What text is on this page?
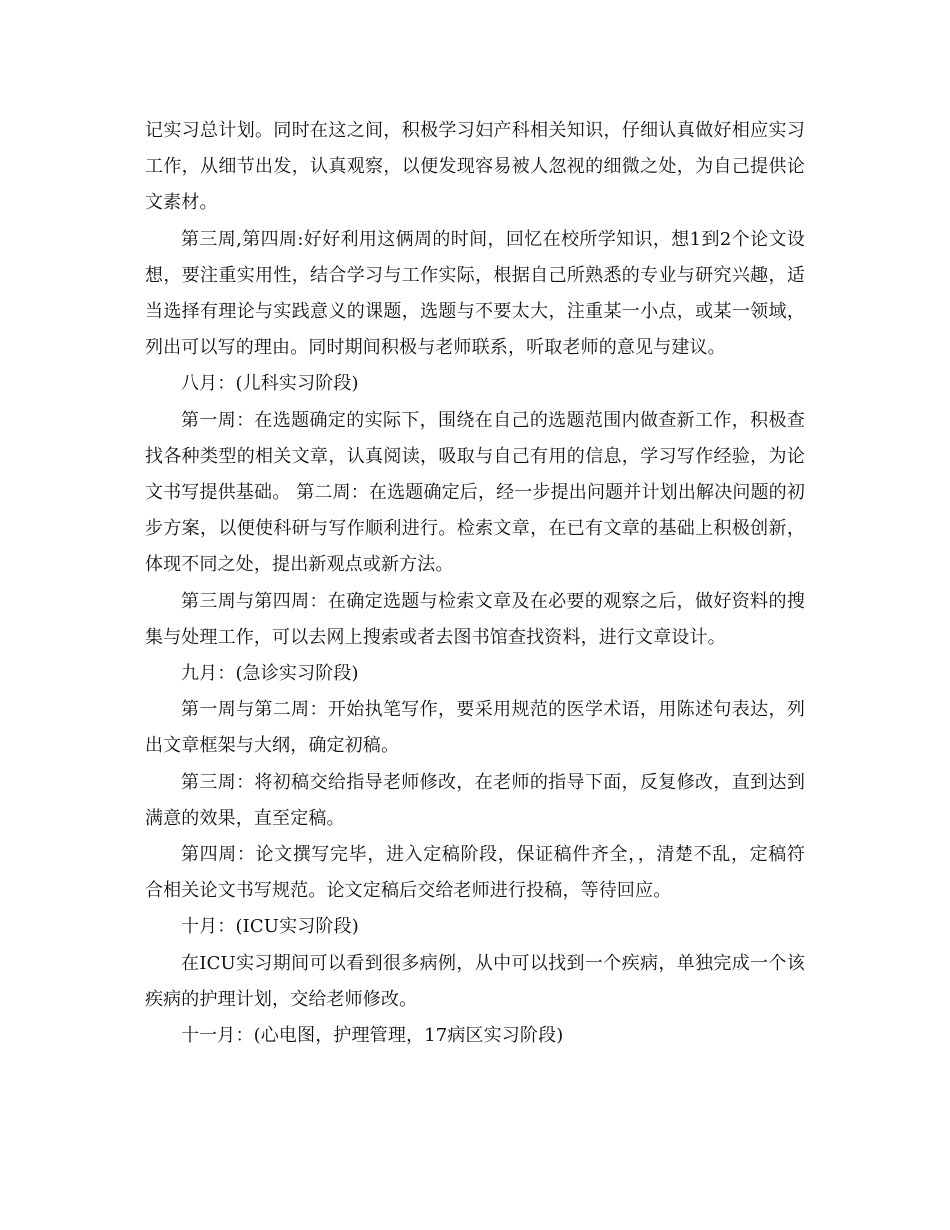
记实习总计划。同时在这之间，积极学习妇产科相关知识，仔细认真做好相应实习工作，从细节出发，认真观察，以便发现容易被人忽视的细微之处，为自己提供论文素材。

第三周,第四周:好好利用这俩周的时间，回忆在校所学知识，想1到2个论文设想，要注重实用性，结合学习与工作实际，根据自己所熟悉的专业与研究兴趣，适当选择有理论与实践意义的课题，选题与不要太大，注重某一小点，或某一领域，列出可以写的理由。同时期间积极与老师联系，听取老师的意见与建议。

八月：(儿科实习阶段)

第一周：在选题确定的实际下，围绕在自己的选题范围内做查新工作，积极查找各种类型的相关文章，认真阅读，吸取与自己有用的信息，学习写作经验，为论文书写提供基础。 第二周：在选题确定后，经一步提出问题并计划出解决问题的初步方案，以便使科研与写作顺利进行。检索文章，在已有文章的基础上积极创新，体现不同之处，提出新观点或新方法。

第三周与第四周：在确定选题与检索文章及在必要的观察之后，做好资料的搜集与处理工作，可以去网上搜索或者去图书馆查找资料，进行文章设计。

九月：(急诊实习阶段)

第一周与第二周：开始执笔写作，要采用规范的医学术语，用陈述句表达，列出文章框架与大纲，确定初稿。

第三周：将初稿交给指导老师修改，在老师的指导下面，反复修改，直到达到满意的效果，直至定稿。

第四周：论文撰写完毕，进入定稿阶段，保证稿件齐全，，清楚不乱，定稿符合相关论文书写规范。论文定稿后交给老师进行投稿，等待回应。

十月：(ICU实习阶段)

在ICU实习期间可以看到很多病例，从中可以找到一个疾病，单独完成一个该疾病的护理计划，交给老师修改。

十一月：(心电图，护理管理，17病区实习阶段)
